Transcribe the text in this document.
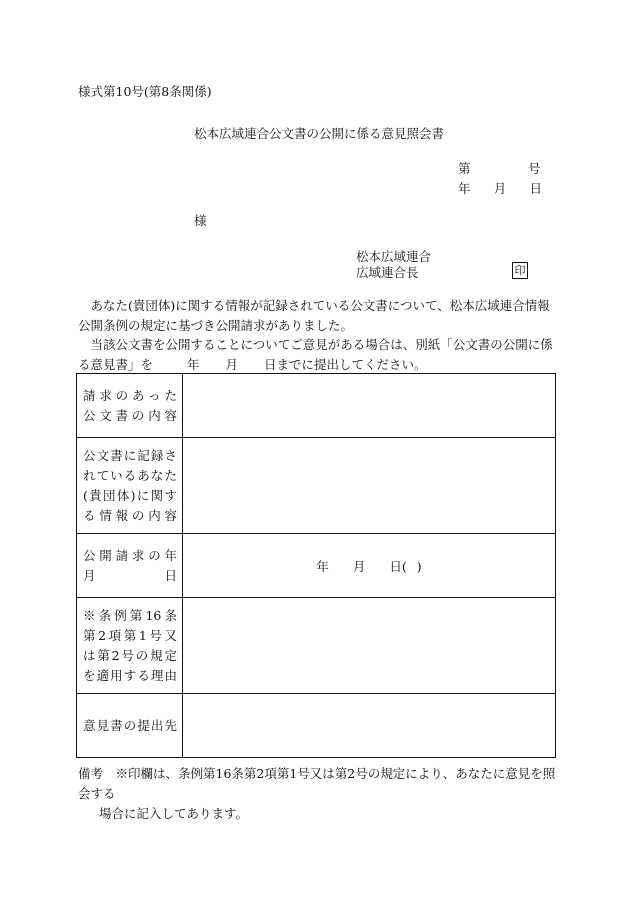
様式第10号(第8条関係)
松本広域連合公文書の公開に係る意見照会書
第	号
年 月 日
様
松本広域連合
広域連合長	印

あなた(貴団体)に関する情報が記録されている公文書について、松本広域連合情報公開条例の規定に基づき公開請求がありました。

当該公文書を公開することについてご意見がある場合は、別紙「公文書の公開に係る意見書」を	年 月 日までに提出してください。

請求のあった
公文書の内容	

公文書に記録さ
れているあなた
(貴団体)に関す
る情報の内容	

公開請求の年
月 日	年 月 日( )

※条例第16条
第2項第1号又
は第2号の規定
を適用する理由	

意見書の提出先	

備考　※印欄は、条例第16条第2項第1号又は第2号の規定により、あなたに意見を照会する
場合に記入してあります。
